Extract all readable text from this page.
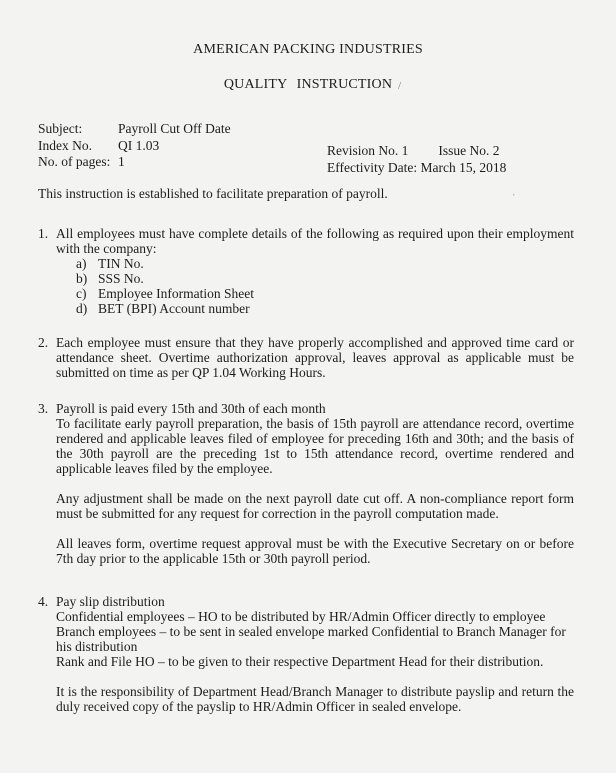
AMERICAN PACKING INDUSTRIES
QUALITY INSTRUCTION /
Subject:	Payroll Cut Off Date
Index No. QI 1.03
No. of pages: 1
Revision No. 1 Issue No. 2
Effectivity Date: March 15, 2018
This instruction is established to facilitate preparation of payroll.	ˈ
1. All employees must have complete details of the following as required upon their employment with the company:

a) TIN No.
b) SSS No.
c) Employee Information Sheet
d) BET (BPI) Account number
2. Each employee must ensure that they have properly accomplished and approved time card or attendance sheet. Overtime authorization approval, leaves approval as applicable must be submitted on time as per QP 1.04 Working Hours.

3. Payroll is paid every 15th and 30th of each month

To facilitate early payroll preparation, the basis of 15th payroll are attendance record, overtime rendered and applicable leaves filed of employee for preceding 16th and 30th; and the basis of the 30th payroll are the preceding 1st to 15th attendance record, overtime rendered and applicable leaves filed by the employee.

Any adjustment shall be made on the next payroll date cut off. A non-compliance report form must be submitted for any request for correction in the payroll computation made.

All leaves form, overtime request approval must be with the Executive Secretary on or before 7th day prior to the applicable 15th or 30th payroll period.

4. Pay slip distribution

Confidential employees – HO to be distributed by HR/Admin Officer directly to employee

Branch employees – to be sent in sealed envelope marked Confidential to Branch Manager for his distribution

Rank and File HO – to be given to their respective Department Head for their distribution.

It is the responsibility of Department Head/Branch Manager to distribute payslip and return the duly received copy of the payslip to HR/Admin Officer in sealed envelope.
